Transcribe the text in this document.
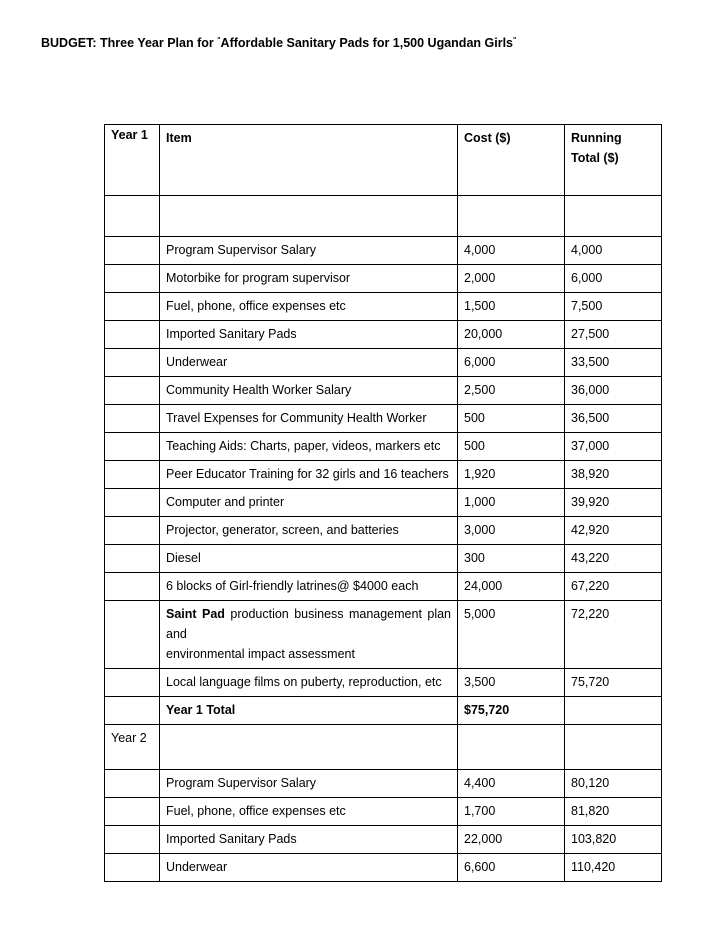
BUDGET: Three Year Plan for "Affordable Sanitary Pads for 1,500 Ugandan Girls"
Year 1	Item	Cost ($)	Running
Total ($)

	Program Supervisor Salary	4,000	4,000
	Motorbike for program supervisor	2,000	6,000
	Fuel, phone, office expenses etc	1,500	7,500
	Imported Sanitary Pads	20,000	27,500
	Underwear	6,000	33,500
	Community Health Worker Salary	2,500	36,000
	Travel Expenses for Community Health Worker	500	36,500
	Teaching Aids: Charts, paper, videos, markers etc	500	37,000
	Peer Educator Training for 32 girls and 16 teachers	1,920	38,920
	Computer and printer	1,000	39,920
	Projector, generator, screen, and batteries	3,000	42,920
	Diesel	300	43,220
	6 blocks of Girl-friendly latrines@ $4000 each	24,000	67,220
	Saint Pad production business management plan and
environmental impact assessment	5,000	72,220
	Local language films on puberty, reproduction, etc	3,500	75,720
	Year 1 Total	$75,720	
Year 2			
	Program Supervisor Salary	4,400	80,120
	Fuel, phone, office expenses etc	1,700	81,820
	Imported Sanitary Pads	22,000	103,820
	Underwear	6,600	110,420
